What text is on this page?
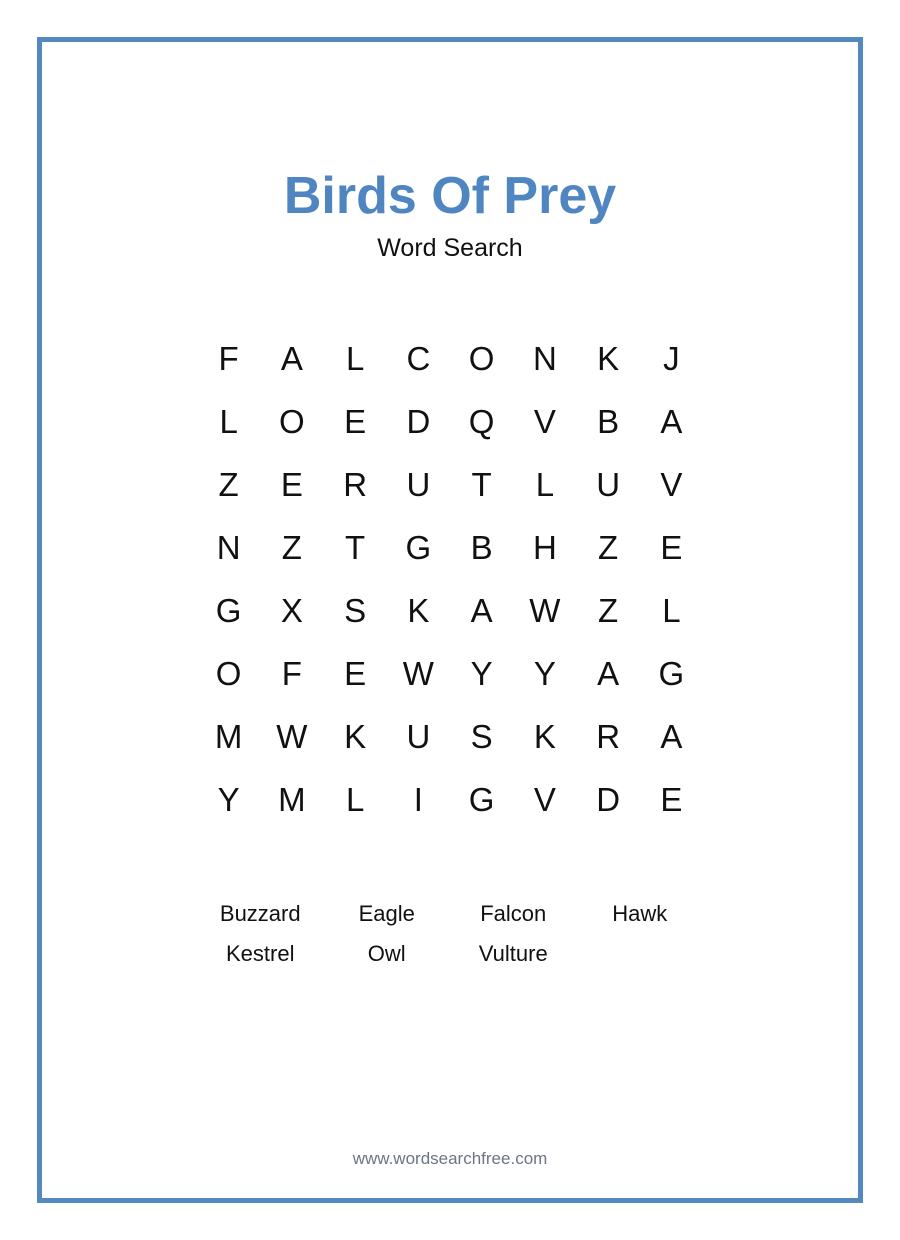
Birds Of Prey
Word Search
F	A	L	C	O	N	K	J
L	O	E	D	Q	V	B	A
Z	E	R	U	T	L	U	V
N	Z	T	G	B	H	Z	E
G	X	S	K	A	W	Z	L
O	F	E	W	Y	Y	A	G
M	W	K	U	S	K	R	A
Y	M	L	I	G	V	D	E
Buzzard	Eagle	Falcon	Hawk
Kestrel	Owl	Vulture
www.wordsearchfree.com
